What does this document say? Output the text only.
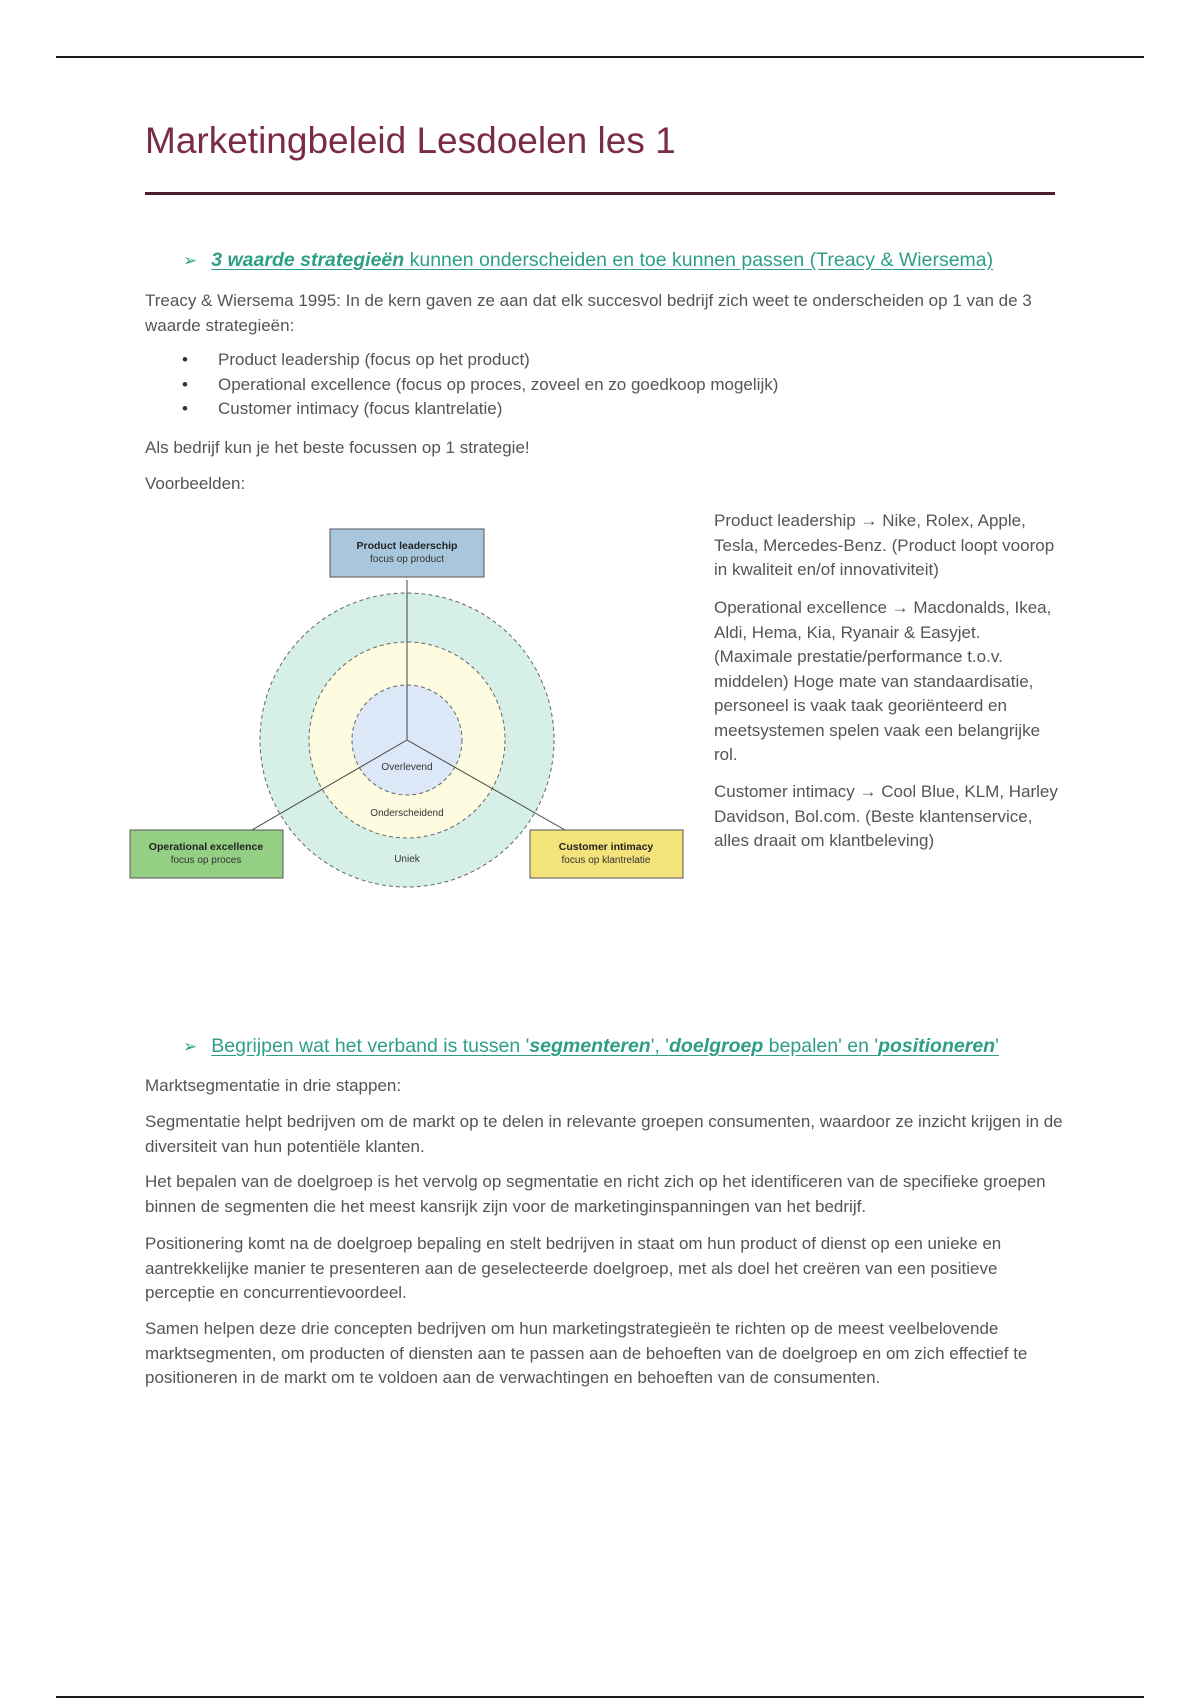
Marketingbeleid Lesdoelen les 1

➢ 3 waarde strategieën kunnen onderscheiden en toe kunnen passen (Treacy & Wiersema)

Treacy & Wiersema 1995: In de kern gaven ze aan dat elk succesvol bedrijf zich weet te onderscheiden op 1 van de 3 waarde strategieën:

• Product leadership (focus op het product)
• Operational excellence (focus op proces, zoveel en zo goedkoop mogelijk)
• Customer intimacy (focus klantrelatie)

Als bedrijf kun je het beste focussen op 1 strategie!

Voorbeelden:

Overlevend
Onderscheidend
Uniek
Product leaderschip
focus op product
Operational excellence
focus op proces
Customer intimacy
focus op klantrelatie

Product leadership → Nike, Rolex, Apple, Tesla, Mercedes-Benz. (Product loopt voorop in kwaliteit en/of innovativiteit)

Operational excellence → Macdonalds, Ikea, Aldi, Hema, Kia, Ryanair & Easyjet. (Maximale prestatie/performance t.o.v. middelen) Hoge mate van standaardisatie, personeel is vaak taak georiënteerd en meetsystemen spelen vaak een belangrijke rol.

Customer intimacy → Cool Blue, KLM, Harley Davidson, Bol.com. (Beste klantenservice, alles draait om klantbeleving)

➢ Begrijpen wat het verband is tussen 'segmenteren', 'doelgroep bepalen' en 'positioneren'

Marktsegmentatie in drie stappen:

Segmentatie helpt bedrijven om de markt op te delen in relevante groepen consumenten, waardoor ze inzicht krijgen in de diversiteit van hun potentiële klanten.

Het bepalen van de doelgroep is het vervolg op segmentatie en richt zich op het identificeren van de specifieke groepen binnen de segmenten die het meest kansrijk zijn voor de marketinginspanningen van het bedrijf.

Positionering komt na de doelgroep bepaling en stelt bedrijven in staat om hun product of dienst op een unieke en aantrekkelijke manier te presenteren aan de geselecteerde doelgroep, met als doel het creëren van een positieve perceptie en concurrentievoordeel.

Samen helpen deze drie concepten bedrijven om hun marketingstrategieën te richten op de meest veelbelovende marktsegmenten, om producten of diensten aan te passen aan de behoeften van de doelgroep en om zich effectief te positioneren in de markt om te voldoen aan de verwachtingen en behoeften van de consumenten.
